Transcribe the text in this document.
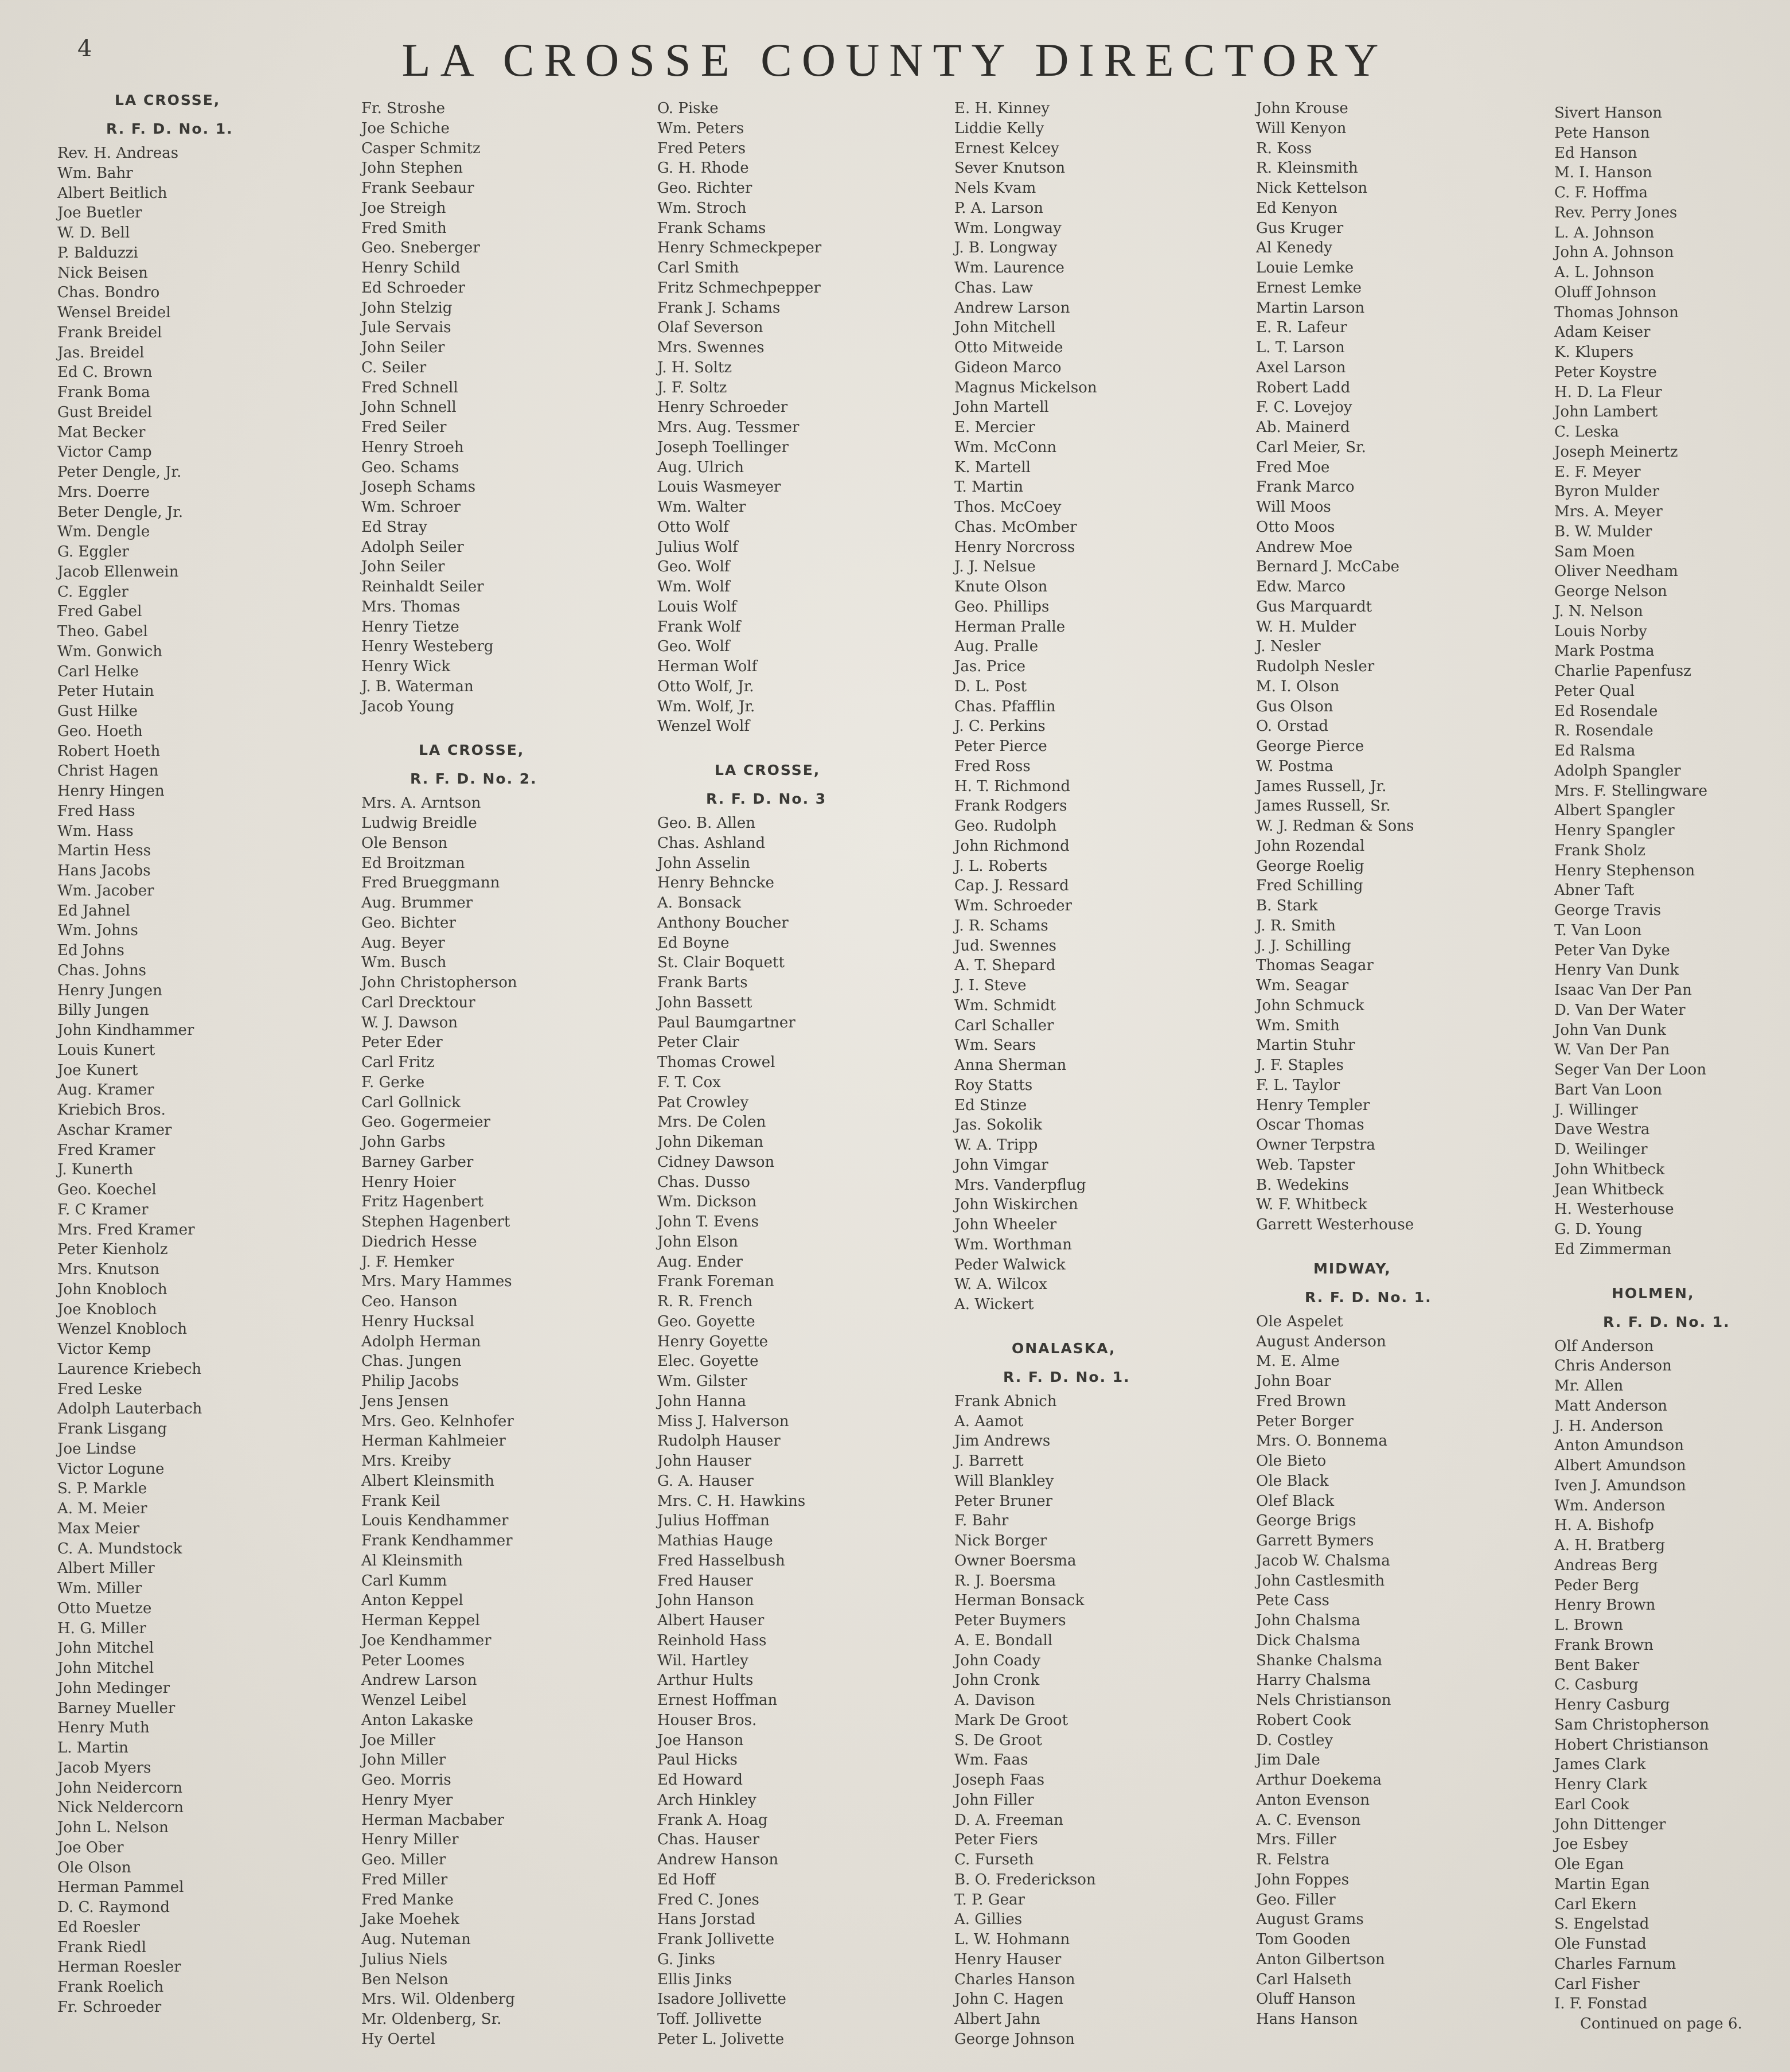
4	LA CROSSE COUNTY DIRECTORY
LA CROSSE,
R. F. D. No. 1.
Rev. H. Andreas
Wm. Bahr
Albert Beitlich
Joe Buetler
W. D. Bell
P. Balduzzi
Nick Beisen
Chas. Bondro
Wensel Breidel
Frank Breidel
Jas. Breidel
Ed C. Brown
Frank Boma
Gust Breidel
Mat Becker
Victor Camp
Peter Dengle, Jr.
Mrs. Doerre
Beter Dengle, Jr.
Wm. Dengle
G. Eggler
Jacob Ellenwein
C. Eggler
Fred Gabel
Theo. Gabel
Wm. Gonwich
Carl Helke
Peter Hutain
Gust Hilke
Geo. Hoeth
Robert Hoeth
Christ Hagen
Henry Hingen
Fred Hass
Wm. Hass
Martin Hess
Hans Jacobs
Wm. Jacober
Ed Jahnel
Wm. Johns
Ed Johns
Chas. Johns
Henry Jungen
Billy Jungen
John Kindhammer
Louis Kunert
Joe Kunert
Aug. Kramer
Kriebich Bros.
Aschar Kramer
Fred Kramer
J. Kunerth
Geo. Koechel
F. C Kramer
Mrs. Fred Kramer
Peter Kienholz
Mrs. Knutson
John Knobloch
Joe Knobloch
Wenzel Knobloch
Victor Kemp
Laurence Kriebech
Fred Leske
Adolph Lauterbach
Frank Lisgang
Joe Lindse
Victor Logune
S. P. Markle
A. M. Meier
Max Meier
C. A. Mundstock
Albert Miller
Wm. Miller
Otto Muetze
H. G. Miller
John Mitchel
John Mitchel
John Medinger
Barney Mueller
Henry Muth
L. Martin
Jacob Myers
John Neidercorn
Nick Neldercorn
John L. Nelson
Joe Ober
Ole Olson
Herman Pammel
D. C. Raymond
Ed Roesler
Frank Riedl
Herman Roesler
Frank Roelich
Fr. Schroeder
Fr. Stroshe
Joe Schiche
Casper Schmitz
John Stephen
Frank Seebaur
Joe Streigh
Fred Smith
Geo. Sneberger
Henry Schild
Ed Schroeder
John Stelzig
Jule Servais
John Seiler
C. Seiler
Fred Schnell
John Schnell
Fred Seiler
Henry Stroeh
Geo. Schams
Joseph Schams
Wm. Schroer
Ed Stray
Adolph Seiler
John Seiler
Reinhaldt Seiler
Mrs. Thomas
Henry Tietze
Henry Westeberg
Henry Wick
J. B. Waterman
Jacob Young
LA CROSSE,
R. F. D. No. 2.
Mrs. A. Arntson
Ludwig Breidle
Ole Benson
Ed Broitzman
Fred Brueggmann
Aug. Brummer
Geo. Bichter
Aug. Beyer
Wm. Busch
John Christopherson
Carl Drecktour
W. J. Dawson
Peter Eder
Carl Fritz
F. Gerke
Carl Gollnick
Geo. Gogermeier
John Garbs
Barney Garber
Henry Hoier
Fritz Hagenbert
Stephen Hagenbert
Diedrich Hesse
J. F. Hemker
Mrs. Mary Hammes
Ceo. Hanson
Henry Hucksal
Adolph Herman
Chas. Jungen
Philip Jacobs
Jens Jensen
Mrs. Geo. Kelnhofer
Herman Kahlmeier
Mrs. Kreiby
Albert Kleinsmith
Frank Keil
Louis Kendhammer
Frank Kendhammer
Al Kleinsmith
Carl Kumm
Anton Keppel
Herman Keppel
Joe Kendhammer
Peter Loomes
Andrew Larson
Wenzel Leibel
Anton Lakaske
Joe Miller
John Miller
Geo. Morris
Henry Myer
Herman Macbaber
Henry Miller
Geo. Miller
Fred Miller
Fred Manke
Jake Moehek
Aug. Nuteman
Julius Niels
Ben Nelson
Mrs. Wil. Oldenberg
Mr. Oldenberg, Sr.
Hy Oertel
O. Piske
Wm. Peters
Fred Peters
G. H. Rhode
Geo. Richter
Wm. Stroch
Frank Schams
Henry Schmeckpeper
Carl Smith
Fritz Schmechpepper
Frank J. Schams
Olaf Severson
Mrs. Swennes
J. H. Soltz
J. F. Soltz
Henry Schroeder
Mrs. Aug. Tessmer
Joseph Toellinger
Aug. Ulrich
Louis Wasmeyer
Wm. Walter
Otto Wolf
Julius Wolf
Geo. Wolf
Wm. Wolf
Louis Wolf
Frank Wolf
Geo. Wolf
Herman Wolf
Otto Wolf, Jr.
Wm. Wolf, Jr.
Wenzel Wolf
LA CROSSE,
R. F. D. No. 3
Geo. B. Allen
Chas. Ashland
John Asselin
Henry Behncke
A. Bonsack
Anthony Boucher
Ed Boyne
St. Clair Boquett
Frank Barts
John Bassett
Paul Baumgartner
Peter Clair
Thomas Crowel
F. T. Cox
Pat Crowley
Mrs. De Colen
John Dikeman
Cidney Dawson
Chas. Dusso
Wm. Dickson
John T. Evens
John Elson
Aug. Ender
Frank Foreman
R. R. French
Geo. Goyette
Henry Goyette
Elec. Goyette
Wm. Gilster
John Hanna
Miss J. Halverson
Rudolph Hauser
John Hauser
G. A. Hauser
Mrs. C. H. Hawkins
Julius Hoffman
Mathias Hauge
Fred Hasselbush
Fred Hauser
John Hanson
Albert Hauser
Reinhold Hass
Wil. Hartley
Arthur Hults
Ernest Hoffman
Houser Bros.
Joe Hanson
Paul Hicks
Ed Howard
Arch Hinkley
Frank A. Hoag
Chas. Hauser
Andrew Hanson
Ed Hoff
Fred C. Jones
Hans Jorstad
Frank Jollivette
G. Jinks
Ellis Jinks
Isadore Jollivette
Toff. Jollivette
Peter L. Jolivette
E. H. Kinney
Liddie Kelly
Ernest Kelcey
Sever Knutson
Nels Kvam
P. A. Larson
Wm. Longway
J. B. Longway
Wm. Laurence
Chas. Law
Andrew Larson
John Mitchell
Otto Mitweide
Gideon Marco
Magnus Mickelson
John Martell
E. Mercier
Wm. McConn
K. Martell
T. Martin
Thos. McCoey
Chas. McOmber
Henry Norcross
J. J. Nelsue
Knute Olson
Geo. Phillips
Herman Pralle
Aug. Pralle
Jas. Price
D. L. Post
Chas. Pfafflin
J. C. Perkins
Peter Pierce
Fred Ross
H. T. Richmond
Frank Rodgers
Geo. Rudolph
John Richmond
J. L. Roberts
Cap. J. Ressard
Wm. Schroeder
J. R. Schams
Jud. Swennes
A. T. Shepard
J. I. Steve
Wm. Schmidt
Carl Schaller
Wm. Sears
Anna Sherman
Roy Statts
Ed Stinze
Jas. Sokolik
W. A. Tripp
John Vimgar
Mrs. Vanderpflug
John Wiskirchen
John Wheeler
Wm. Worthman
Peder Walwick
W. A. Wilcox
A. Wickert
ONALASKA,
R. F. D. No. 1.
Frank Abnich
A. Aamot
Jim Andrews
J. Barrett
Will Blankley
Peter Bruner
F. Bahr
Nick Borger
Owner Boersma
R. J. Boersma
Herman Bonsack
Peter Buymers
A. E. Bondall
John Coady
John Cronk
A. Davison
Mark De Groot
S. De Groot
Wm. Faas
Joseph Faas
John Filler
D. A. Freeman
Peter Fiers
C. Furseth
B. O. Frederickson
T. P. Gear
A. Gillies
L. W. Hohmann
Henry Hauser
Charles Hanson
John C. Hagen
Albert Jahn
George Johnson
John Krouse
Will Kenyon
R. Koss
R. Kleinsmith
Nick Kettelson
Ed Kenyon
Gus Kruger
Al Kenedy
Louie Lemke
Ernest Lemke
Martin Larson
E. R. Lafeur
L. T. Larson
Axel Larson
Robert Ladd
F. C. Lovejoy
Ab. Mainerd
Carl Meier, Sr.
Fred Moe
Frank Marco
Will Moos
Otto Moos
Andrew Moe
Bernard J. McCabe
Edw. Marco
Gus Marquardt
W. H. Mulder
J. Nesler
Rudolph Nesler
M. I. Olson
Gus Olson
O. Orstad
George Pierce
W. Postma
James Russell, Jr.
James Russell, Sr.
W. J. Redman & Sons
John Rozendal
George Roelig
Fred Schilling
B. Stark
J. R. Smith
J. J. Schilling
Thomas Seagar
Wm. Seagar
John Schmuck
Wm. Smith
Martin Stuhr
J. F. Staples
F. L. Taylor
Henry Templer
Oscar Thomas
Owner Terpstra
Web. Tapster
B. Wedekins
W. F. Whitbeck
Garrett Westerhouse
MIDWAY,
R. F. D. No. 1.
Ole Aspelet
August Anderson
M. E. Alme
John Boar
Fred Brown
Peter Borger
Mrs. O. Bonnema
Ole Bieto
Ole Black
Olef Black
George Brigs
Garrett Bymers
Jacob W. Chalsma
John Castlesmith
Pete Cass
John Chalsma
Dick Chalsma
Shanke Chalsma
Harry Chalsma
Nels Christianson
Robert Cook
D. Costley
Jim Dale
Arthur Doekema
Anton Evenson
A. C. Evenson
Mrs. Filler
R. Felstra
John Foppes
Geo. Filler
August Grams
Tom Gooden
Anton Gilbertson
Carl Halseth
Oluff Hanson
Hans Hanson
Sivert Hanson
Pete Hanson
Ed Hanson
M. I. Hanson
C. F. Hoffma
Rev. Perry Jones
L. A. Johnson
John A. Johnson
A. L. Johnson
Oluff Johnson
Thomas Johnson
Adam Keiser
K. Klupers
Peter Koystre
H. D. La Fleur
John Lambert
C. Leska
Joseph Meinertz
E. F. Meyer
Byron Mulder
Mrs. A. Meyer
B. W. Mulder
Sam Moen
Oliver Needham
George Nelson
J. N. Nelson
Louis Norby
Mark Postma
Charlie Papenfusz
Peter Qual
Ed Rosendale
R. Rosendale
Ed Ralsma
Adolph Spangler
Mrs. F. Stellingware
Albert Spangler
Henry Spangler
Frank Sholz
Henry Stephenson
Abner Taft
George Travis
T. Van Loon
Peter Van Dyke
Henry Van Dunk
Isaac Van Der Pan
D. Van Der Water
John Van Dunk
W. Van Der Pan
Seger Van Der Loon
Bart Van Loon
J. Willinger
Dave Westra
D. Weilinger
John Whitbeck
Jean Whitbeck
H. Westerhouse
G. D. Young
Ed Zimmerman
HOLMEN,
R. F. D. No. 1.
Olf Anderson
Chris Anderson
Mr. Allen
Matt Anderson
J. H. Anderson
Anton Amundson
Albert Amundson
Iven J. Amundson
Wm. Anderson
H. A. Bishofp
A. H. Bratberg
Andreas Berg
Peder Berg
Henry Brown
L. Brown
Frank Brown
Bent Baker
C. Casburg
Henry Casburg
Sam Christopherson
Hobert Christianson
James Clark
Henry Clark
Earl Cook
John Dittenger
Joe Esbey
Ole Egan
Martin Egan
Carl Ekern
S. Engelstad
Ole Funstad
Charles Farnum
Carl Fisher
I. F. Fonstad
Continued on page 6.
